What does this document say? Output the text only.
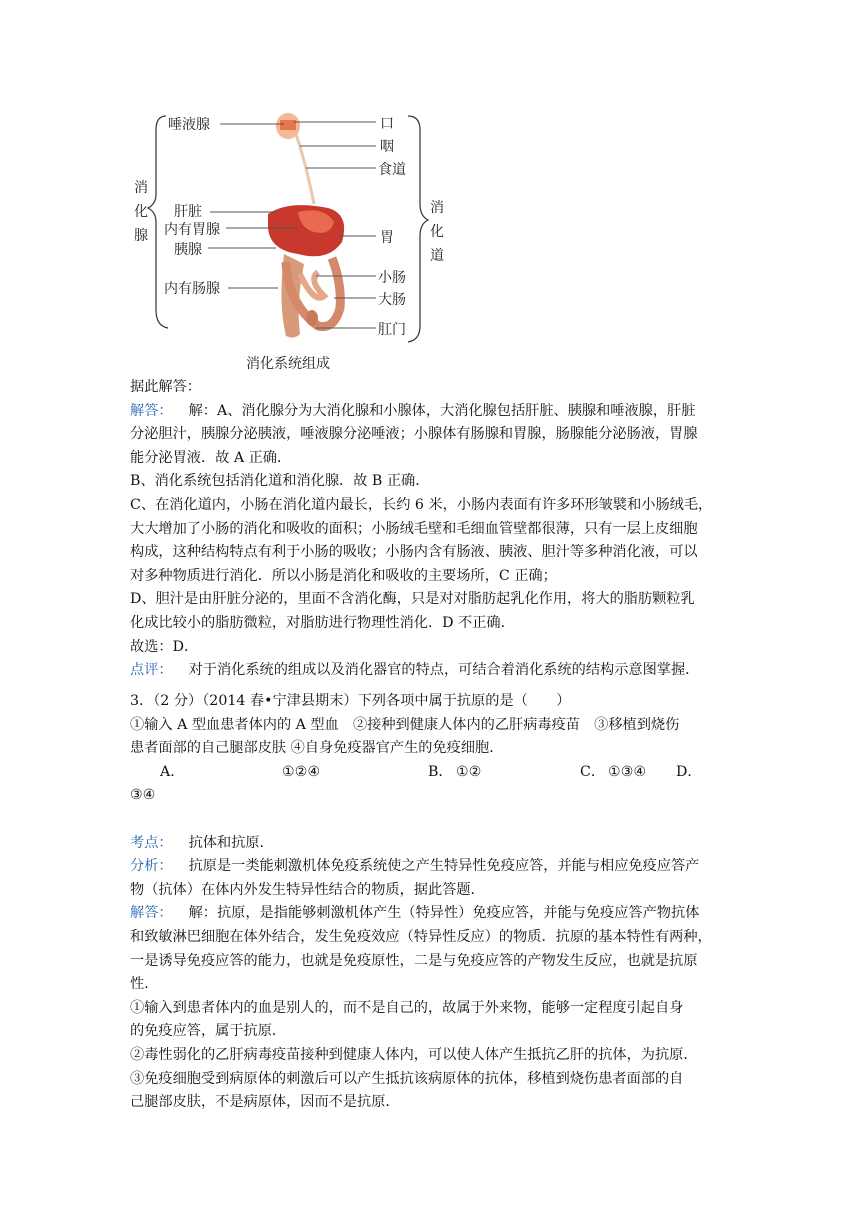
消
化
腺
消
化
道
唾液腺
肝脏
内有胃腺
胰腺
内有肠腺
口
咽
食道
胃
小肠
大肠
肛门
消化系统组成
据此解答：
解答： 解：A、消化腺分为大消化腺和小腺体，大消化腺包括肝脏、胰腺和唾液腺，肝脏
分泌胆汁，胰腺分泌胰液，唾液腺分泌唾液；小腺体有肠腺和胃腺，肠腺能分泌肠液，胃腺
能分泌胃液．故 A 正确．
B、消化系统包括消化道和消化腺．故 B 正确．
C、在消化道内，小肠在消化道内最长，长约 6 米，小肠内表面有许多环形皱襞和小肠绒毛，
大大增加了小肠的消化和吸收的面积；小肠绒毛壁和毛细血管壁都很薄，只有一层上皮细胞
构成，这种结构特点有利于小肠的吸收；小肠内含有肠液、胰液、胆汁等多种消化液，可以
对多种物质进行消化．所以小肠是消化和吸收的主要场所，C 正确；
D、胆汁是由肝脏分泌的，里面不含消化酶，只是对对脂肪起乳化作用，将大的脂肪颗粒乳
化成比较小的脂肪微粒，对脂肪进行物理性消化．D 不正确．
故选：D．
点评： 对于消化系统的组成以及消化器官的特点，可结合着消化系统的结构示意图掌握．
3．（2 分）（2014 春•宁津县期末）下列各项中属于抗原的是（　　）
①输入 A 型血患者体内的 A 型血　②接种到健康人体内的乙肝病毒疫苗　③移植到烧伤
患者面部的自己腿部皮肤 ④自身免疫器官产生的免疫细胞．
A．	①②④	B． ①②	C． ①③④ D．
③④
考点： 抗体和抗原．
分析： 抗原是一类能刺激机体免疫系统使之产生特异性免疫应答，并能与相应免疫应答产
物（抗体）在体内外发生特异性结合的物质，据此答题．
解答： 解：抗原，是指能够刺激机体产生（特异性）免疫应答，并能与免疫应答产物抗体
和致敏淋巴细胞在体外结合，发生免疫效应（特异性反应）的物质．抗原的基本特性有两种，
一是诱导免疫应答的能力，也就是免疫原性，二是与免疫应答的产物发生反应，也就是抗原
性．
①输入到患者体内的血是别人的，而不是自己的，故属于外来物，能够一定程度引起自身
的免疫应答，属于抗原．
②毒性弱化的乙肝病毒疫苗接种到健康人体内，可以使人体产生抵抗乙肝的抗体，为抗原．
③免疫细胞受到病原体的刺激后可以产生抵抗该病原体的抗体，移植到烧伤患者面部的自
己腿部皮肤，不是病原体，因而不是抗原．
